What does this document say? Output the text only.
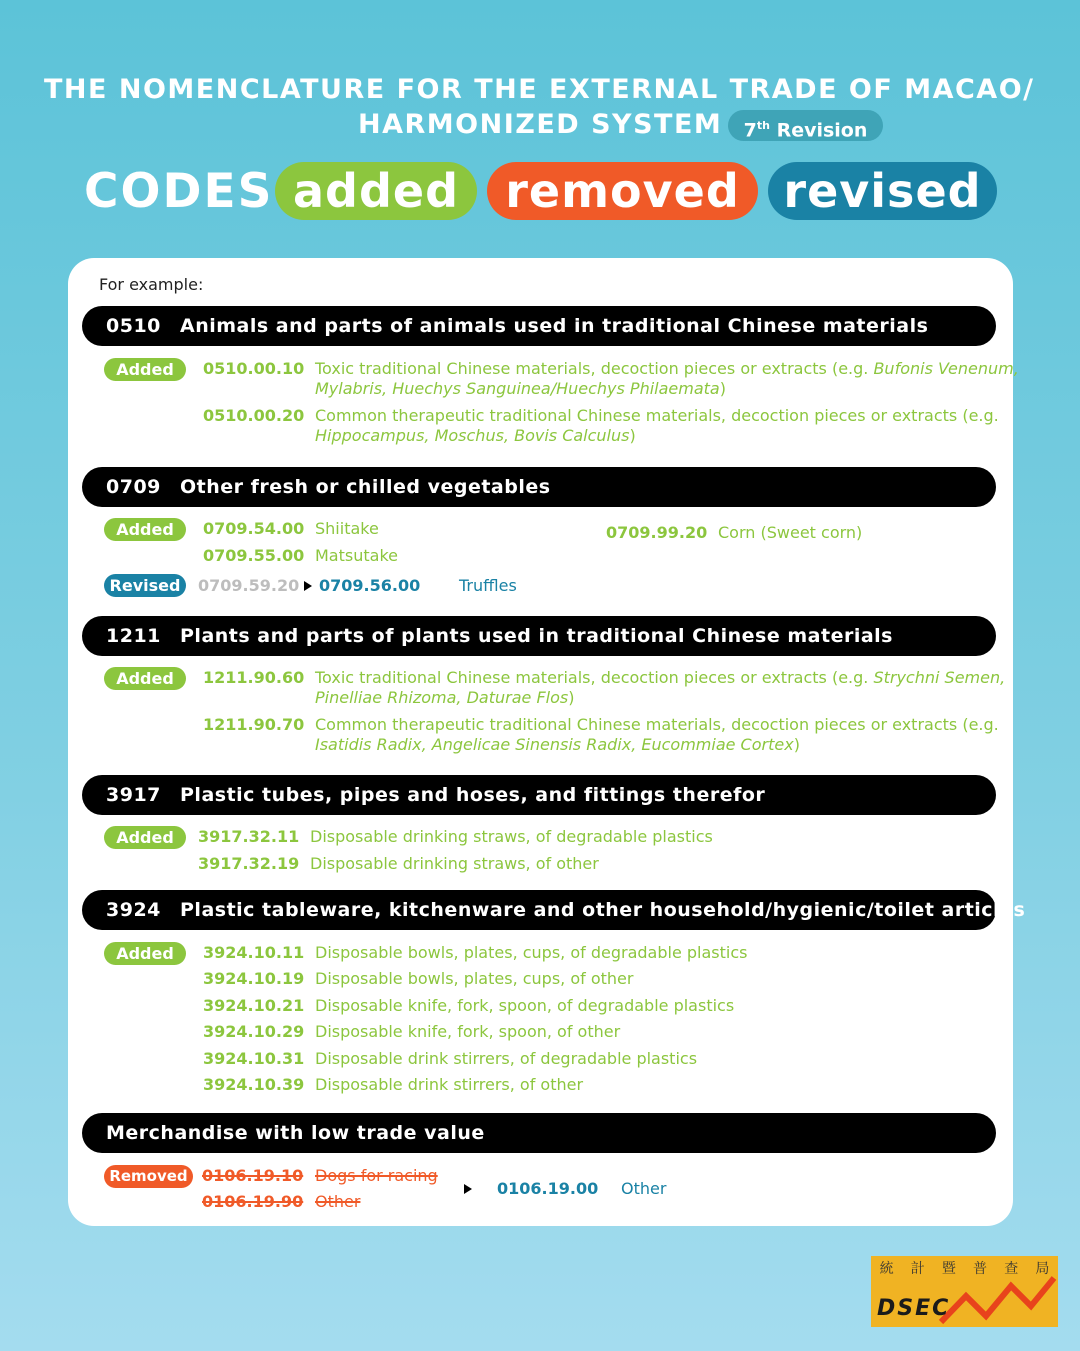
THE NOMENCLATURE FOR THE EXTERNAL TRADE OF MACAO/
HARMONIZED SYSTEM	7th Revision
CODES added	removed revised
For example:
0510 Animals and parts of animals used in traditional Chinese materials
Added	0510.00.10 Toxic traditional Chinese materials, decoction pieces or extracts (e.g. Bufonis Venenum,
Mylabris, Huechys Sanguinea/Huechys Philaemata)
0510.00.20 Common therapeutic traditional Chinese materials, decoction pieces or extracts (e.g.
Hippocampus, Moschus, Bovis Calculus)
0709 Other fresh or chilled vegetables
Added	0709.54.00 Shiitake
0709.55.00 Matsutake
0709.99.20 Corn (Sweet corn)
Revised	0709.59.20 0709.56.00 Truffles
1211 Plants and parts of plants used in traditional Chinese materials
Added	1211.90.60 Toxic traditional Chinese materials, decoction pieces or extracts (e.g. Strychni Semen,
Pinelliae Rhizoma, Daturae Flos)
1211.90.70 Common therapeutic traditional Chinese materials, decoction pieces or extracts (e.g.
Isatidis Radix, Angelicae Sinensis Radix, Eucommiae Cortex)
3917 Plastic tubes, pipes and hoses, and fittings therefor
Added	3917.32.11 Disposable drinking straws, of degradable plastics
3917.32.19 Disposable drinking straws, of other
3924 Plastic tableware, kitchenware and other household/hygienic/toilet articles
Added	3924.10.11 Disposable bowls, plates, cups, of degradable plastics
3924.10.19 Disposable bowls, plates, cups, of other
3924.10.21 Disposable knife, fork, spoon, of degradable plastics
3924.10.29 Disposable knife, fork, spoon, of other
3924.10.31 Disposable drink stirrers, of degradable plastics
3924.10.39 Disposable drink stirrers, of other
Merchandise with low trade value
Removed 0106.19.10 Dogs for racing
0106.19.90 Other
0106.19.00 Other
統 計 暨 普 查 局
DSEC
